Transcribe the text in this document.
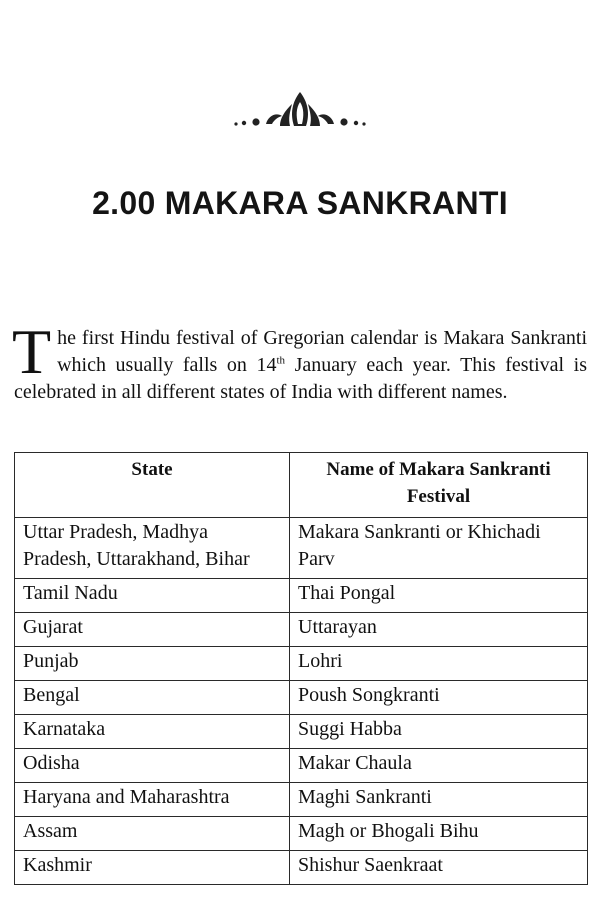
2.00 MAKARA SANKRANTI

The first Hindu festival of Gregorian calendar is Makara Sankranti which usually falls on 14th January each year. This festival is celebrated in all different states of India with different names.

State	Name of Makara Sankranti Festival
Uttar Pradesh, Madhya Pradesh, Uttarakhand, Bihar	Makara Sankranti or Khichadi Parv
Tamil Nadu	Thai Pongal
Gujarat	Uttarayan
Punjab	Lohri
Bengal	Poush Songkranti
Karnataka	Suggi Habba
Odisha	Makar Chaula
Haryana and Maharashtra	Maghi Sankranti
Assam	Magh or Bhogali Bihu
Kashmir	Shishur Saenkraat
